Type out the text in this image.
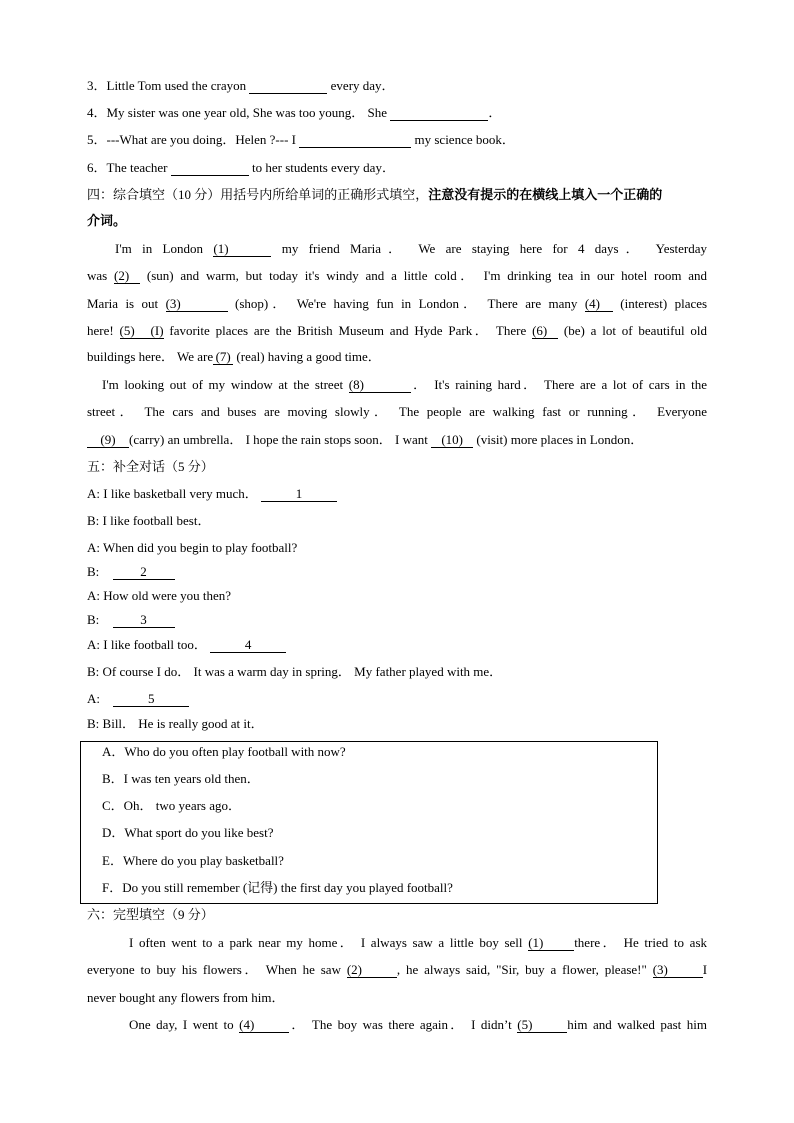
3．Little Tom used the crayon	every day．
4．My sister was one year old, She was too young． She	．
5．---What are you doing．Helen ?--- I	my science book．
6．The teacher	to her students every day．
四：综合填空（10 分）用括号内所给单词的正确形式填空，注意没有提示的在横线上填入一个正确的
介词。
I'm in London (1)	my friend Maria． We are staying here for 4 days． Yesterday
was (2) (sun) and warm, but today it's windy and a little cold． I'm drinking tea in our hotel room and
Maria is out (3)	(shop)． We're having fun in London． There are many (4) (interest) places
here! (5) (I) favorite places are the British Museum and Hyde Park． There (6) (be) a lot of beautiful old
buildings here． We are (7) (real) having a good time．
I'm looking out of my window at the street (8)	． It's raining hard． There are a lot of cars in the
street． The cars and buses are moving slowly． The people are walking fast or running． Everyone
(9) (carry) an umbrella． I hope the rain stops soon． I want (10) (visit) more places in London．
五：补全对话（5 分）
A: I like basketball very much．	1
B: I like football best．
A: When did you begin to play football?
B:	2
A: How old were you then?
B:	3
A: I like football too．	4
B: Of course I do． It was a warm day in spring． My father played with me．
A:	5
B: Bill． He is really good at it．
A．Who do you often play football with now?
B．I was ten years old then．
C．Oh． two years ago．
D．What sport do you like best?
E．Where do you play basketball?
F．Do you still remember (记得) the first day you played football?
六：完型填空（9 分）
I often went to a park near my home． I always saw a little boy sell (1) there． He tried to ask
everyone to buy his flowers． When he saw (2)	, he always said, "Sir, buy a flower, please!" (3)	I
never bought any flowers from him．
One day, I went to (4)	． The boy was there again． I didn’t (5)	him and walked past him
